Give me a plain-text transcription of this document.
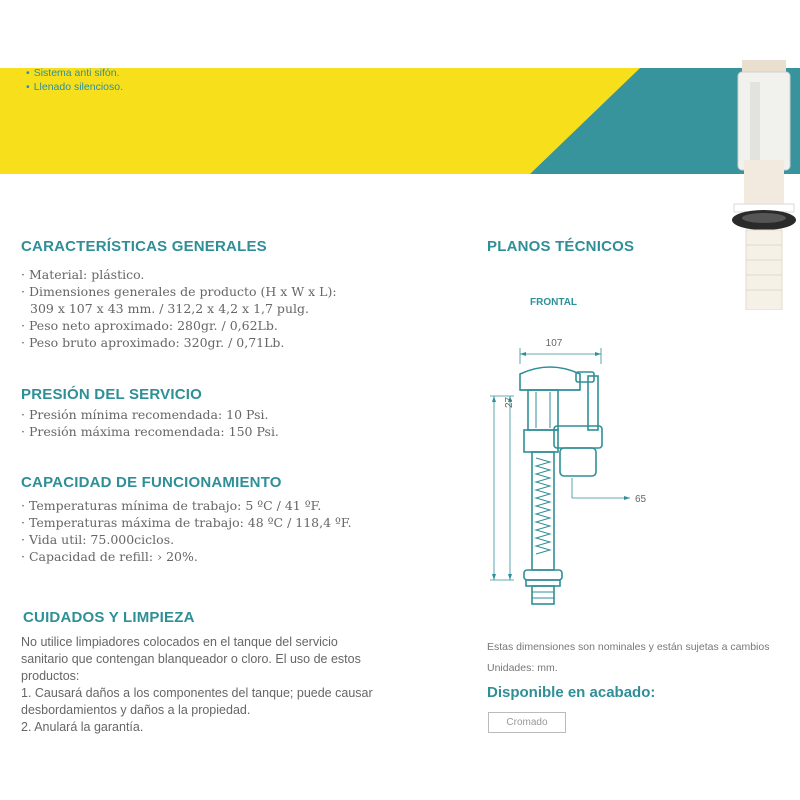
• Sistema anti sifón.
• Llenado silencioso.
CARACTERÍSTICAS GENERALES
· Material: plástico.
· Dimensiones generales de producto (H x W x L):
309 x 107 x 43 mm. / 312,2 x 4,2 x 1,7 pulg.
· Peso neto aproximado: 280gr. / 0,62Lb.
· Peso bruto aproximado: 320gr. / 0,71Lb.
PRESIÓN DEL SERVICIO
· Presión mínima recomendada: 10 Psi.
· Presión máxima recomendada: 150 Psi.
CAPACIDAD DE FUNCIONAMIENTO
· Temperaturas mínima de trabajo: 5 ºC / 41 ºF.
· Temperaturas máxima de trabajo: 48 ºC / 118,4 ºF.
· Vida util: 75.000ciclos.
· Capacidad de refill: › 20%.
CUIDADOS Y LIMPIEZA

No utilice limpiadores colocados en el tanque del servicio

sanitario que contengan blanqueador o cloro. El uso de estos

productos:

1. Causará daños a los componentes del tanque; puede causar

desbordamientos y daños a la propiedad.

2. Anulará la garantía.

PLANOS TÉCNICOS
FRONTAL
107
27
65
Estas dimensiones son nominales y están sujetas a cambios
Unidades: mm.
Disponible en acabado:
Cromado
